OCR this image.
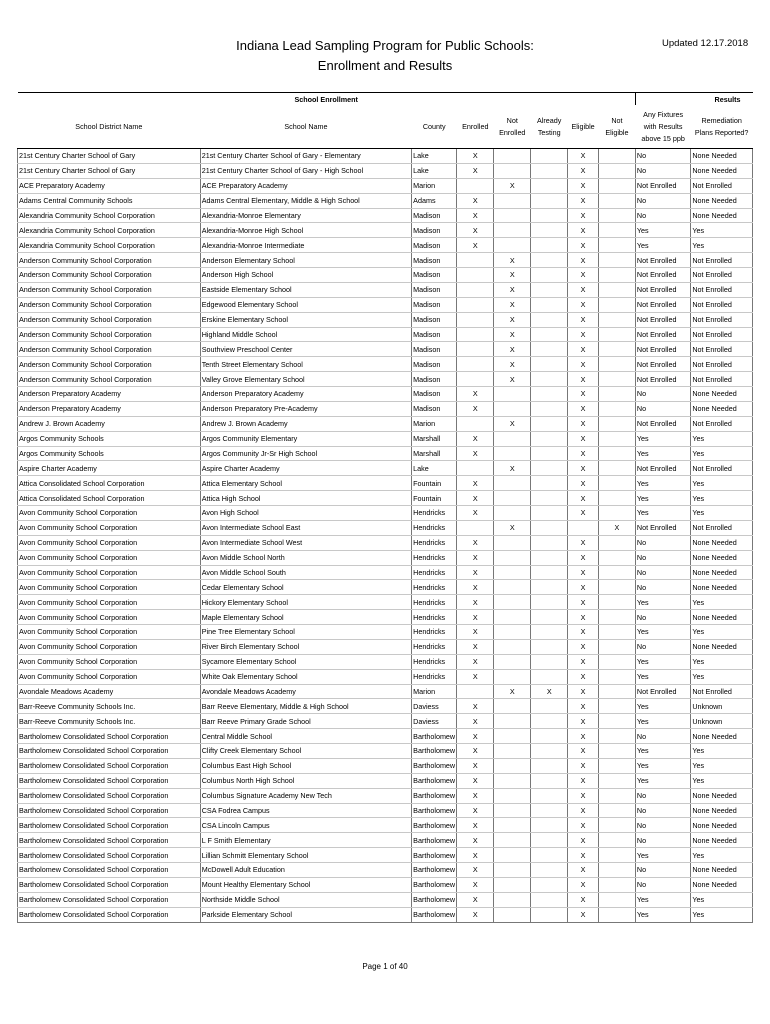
Indiana Lead Sampling Program for Public Schools:
Enrollment and Results
Updated 12.17.2018
School Enrollment								Results	
School District Name	School Name	County	Enrolled	Not Enrolled	Already Testing	Eligible	Not Eligible	Any Fixtures with Results above 15 ppb	Remediation Plans Reported?
21st Century Charter School of Gary	21st Century Charter School of Gary - Elementary	Lake	X			X		No	None Needed
21st Century Charter School of Gary	21st Century Charter School of Gary - High School	Lake	X			X		No	None Needed
ACE Preparatory Academy	ACE Preparatory Academy	Marion		X		X		Not Enrolled	Not Enrolled
Adams Central Community Schools	Adams Central Elementary, Middle & High School	Adams	X			X		No	None Needed
Alexandria Community School Corporation	Alexandria-Monroe Elementary	Madison	X			X		No	None Needed
Alexandria Community School Corporation	Alexandria-Monroe High School	Madison	X			X		Yes	Yes
Alexandria Community School Corporation	Alexandria-Monroe Intermediate	Madison	X			X		Yes	Yes
Anderson Community School Corporation	Anderson Elementary School	Madison		X		X		Not Enrolled	Not Enrolled
Anderson Community School Corporation	Anderson High School	Madison		X		X		Not Enrolled	Not Enrolled
Anderson Community School Corporation	Eastside Elementary School	Madison		X		X		Not Enrolled	Not Enrolled
Anderson Community School Corporation	Edgewood Elementary School	Madison		X		X		Not Enrolled	Not Enrolled
Anderson Community School Corporation	Erskine Elementary School	Madison		X		X		Not Enrolled	Not Enrolled
Anderson Community School Corporation	Highland Middle School	Madison		X		X		Not Enrolled	Not Enrolled
Anderson Community School Corporation	Southview Preschool Center	Madison		X		X		Not Enrolled	Not Enrolled
Anderson Community School Corporation	Tenth Street Elementary School	Madison		X		X		Not Enrolled	Not Enrolled
Anderson Community School Corporation	Valley Grove Elementary School	Madison		X		X		Not Enrolled	Not Enrolled
Anderson Preparatory Academy	Anderson Preparatory Academy	Madison	X			X		No	None Needed
Anderson Preparatory Academy	Anderson Preparatory Pre-Academy	Madison	X			X		No	None Needed
Andrew J. Brown Academy	Andrew J. Brown Academy	Marion		X		X		Not Enrolled	Not Enrolled
Argos Community Schools	Argos Community Elementary	Marshall	X			X		Yes	Yes
Argos Community Schools	Argos Community Jr-Sr High School	Marshall	X			X		Yes	Yes
Aspire Charter Academy	Aspire Charter Academy	Lake		X		X		Not Enrolled	Not Enrolled
Attica Consolidated School Corporation	Attica Elementary School	Fountain	X			X		Yes	Yes
Attica Consolidated School Corporation	Attica High School	Fountain	X			X		Yes	Yes
Avon Community School Corporation	Avon High School	Hendricks	X			X		Yes	Yes
Avon Community School Corporation	Avon Intermediate School East	Hendricks		X			X	Not Enrolled	Not Enrolled
Avon Community School Corporation	Avon Intermediate School West	Hendricks	X			X		No	None Needed
Avon Community School Corporation	Avon Middle School North	Hendricks	X			X		No	None Needed
Avon Community School Corporation	Avon Middle School South	Hendricks	X			X		No	None Needed
Avon Community School Corporation	Cedar Elementary School	Hendricks	X			X		No	None Needed
Avon Community School Corporation	Hickory Elementary School	Hendricks	X			X		Yes	Yes
Avon Community School Corporation	Maple Elementary School	Hendricks	X			X		No	None Needed
Avon Community School Corporation	Pine Tree Elementary School	Hendricks	X			X		Yes	Yes
Avon Community School Corporation	River Birch Elementary School	Hendricks	X			X		No	None Needed
Avon Community School Corporation	Sycamore Elementary School	Hendricks	X			X		Yes	Yes
Avon Community School Corporation	White Oak Elementary School	Hendricks	X			X		Yes	Yes
Avondale Meadows Academy	Avondale Meadows Academy	Marion		X	X	X		Not Enrolled	Not Enrolled
Barr-Reeve Community Schools Inc.	Barr Reeve Elementary, Middle & High School	Daviess	X			X		Yes	Unknown
Barr-Reeve Community Schools Inc.	Barr Reeve Primary Grade School	Daviess	X			X		Yes	Unknown
Bartholomew Consolidated School Corporation	Central Middle School	Bartholomew	X			X		No	None Needed
Bartholomew Consolidated School Corporation	Clifty Creek Elementary School	Bartholomew	X			X		Yes	Yes
Bartholomew Consolidated School Corporation	Columbus East High School	Bartholomew	X			X		Yes	Yes
Bartholomew Consolidated School Corporation	Columbus North High School	Bartholomew	X			X		Yes	Yes
Bartholomew Consolidated School Corporation	Columbus Signature Academy New Tech	Bartholomew	X			X		No	None Needed
Bartholomew Consolidated School Corporation	CSA Fodrea Campus	Bartholomew	X			X		No	None Needed
Bartholomew Consolidated School Corporation	CSA Lincoln Campus	Bartholomew	X			X		No	None Needed
Bartholomew Consolidated School Corporation	L F Smith Elementary	Bartholomew	X			X		No	None Needed
Bartholomew Consolidated School Corporation	Lillian Schmitt Elementary School	Bartholomew	X			X		Yes	Yes
Bartholomew Consolidated School Corporation	McDowell Adult Education	Bartholomew	X			X		No	None Needed
Bartholomew Consolidated School Corporation	Mount Healthy Elementary School	Bartholomew	X			X		No	None Needed
Bartholomew Consolidated School Corporation	Northside Middle School	Bartholomew	X			X		Yes	Yes
Bartholomew Consolidated School Corporation	Parkside Elementary School	Bartholomew	X			X		Yes	Yes
Page 1 of 40
